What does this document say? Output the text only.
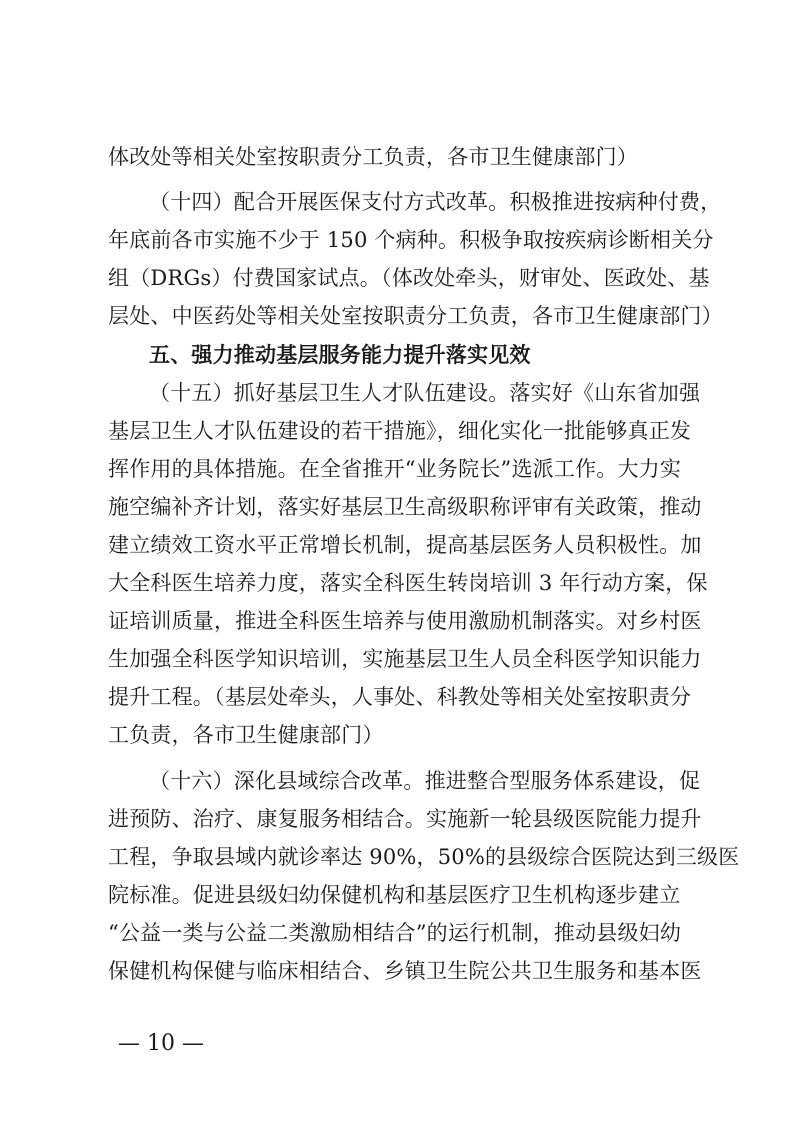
体改处等相关处室按职责分工负责，各市卫生健康部门）
（十四）配合开展医保支付方式改革。积极推进按病种付费，
年底前各市实施不少于 150 个病种。积极争取按疾病诊断相关分
组（DRGs）付费国家试点。（体改处牵头，财审处、医政处、基
层处、中医药处等相关处室按职责分工负责，各市卫生健康部门）
五、强力推动基层服务能力提升落实见效
（十五）抓好基层卫生人才队伍建设。落实好《山东省加强
基层卫生人才队伍建设的若干措施》，细化实化一批能够真正发
挥作用的具体措施。在全省推开“业务院长”选派工作。大力实
施空编补齐计划，落实好基层卫生高级职称评审有关政策，推动
建立绩效工资水平正常增长机制，提高基层医务人员积极性。加
大全科医生培养力度，落实全科医生转岗培训 3 年行动方案，保
证培训质量，推进全科医生培养与使用激励机制落实。对乡村医
生加强全科医学知识培训，实施基层卫生人员全科医学知识能力
提升工程。（基层处牵头，人事处、科教处等相关处室按职责分
工负责，各市卫生健康部门）
（十六）深化县域综合改革。推进整合型服务体系建设，促
进预防、治疗、康复服务相结合。实施新一轮县级医院能力提升
工程，争取县域内就诊率达 90%，50%的县级综合医院达到三级医
院标准。促进县级妇幼保健机构和基层医疗卫生机构逐步建立
“公益一类与公益二类激励相结合”的运行机制，推动县级妇幼
保健机构保健与临床相结合、乡镇卫生院公共卫生服务和基本医
— 10 —
